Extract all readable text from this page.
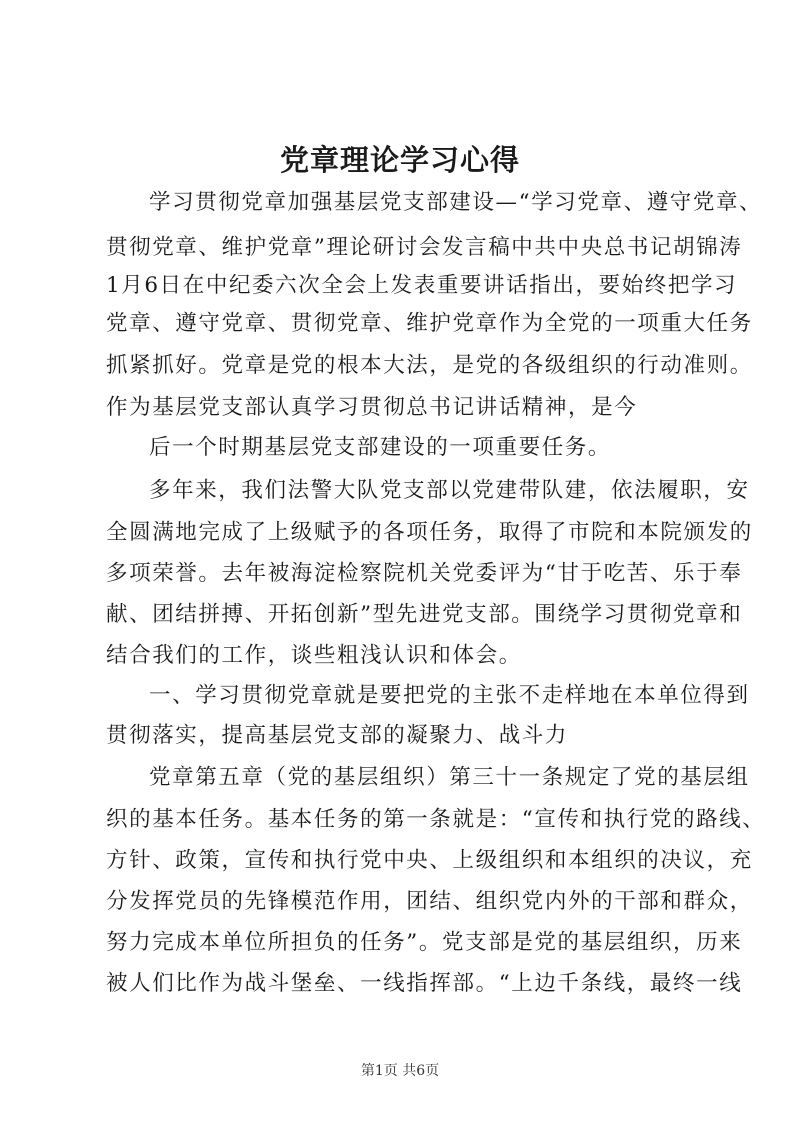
党章理论学习心得
学习贯彻党章加强基层党支部建设—“学习党章、遵守党章、
贯彻党章、维护党章”理论研讨会发言稿中共中央总书记胡锦涛
1月6日在中纪委六次全会上发表重要讲话指出，要始终把学习
党章、遵守党章、贯彻党章、维护党章作为全党的一项重大任务
抓紧抓好。党章是党的根本大法，是党的各级组织的行动准则。
作为基层党支部认真学习贯彻总书记讲话精神，是今
后一个时期基层党支部建设的一项重要任务。
多年来，我们法警大队党支部以党建带队建，依法履职，安
全圆满地完成了上级赋予的各项任务，取得了市院和本院颁发的
多项荣誉。去年被海淀检察院机关党委评为“甘于吃苦、乐于奉
献、团结拼搏、开拓创新”型先进党支部。围绕学习贯彻党章和
结合我们的工作，谈些粗浅认识和体会。
一、学习贯彻党章就是要把党的主张不走样地在本单位得到
贯彻落实，提高基层党支部的凝聚力、战斗力
党章第五章（党的基层组织）第三十一条规定了党的基层组
织的基本任务。基本任务的第一条就是：“宣传和执行党的路线、
方针、政策，宣传和执行党中央、上级组织和本组织的决议，充
分发挥党员的先锋模范作用，团结、组织党内外的干部和群众，
努力完成本单位所担负的任务”。党支部是党的基层组织，历来
被人们比作为战斗堡垒、一线指挥部。“上边千条线，最终一线
第1页 共6页
